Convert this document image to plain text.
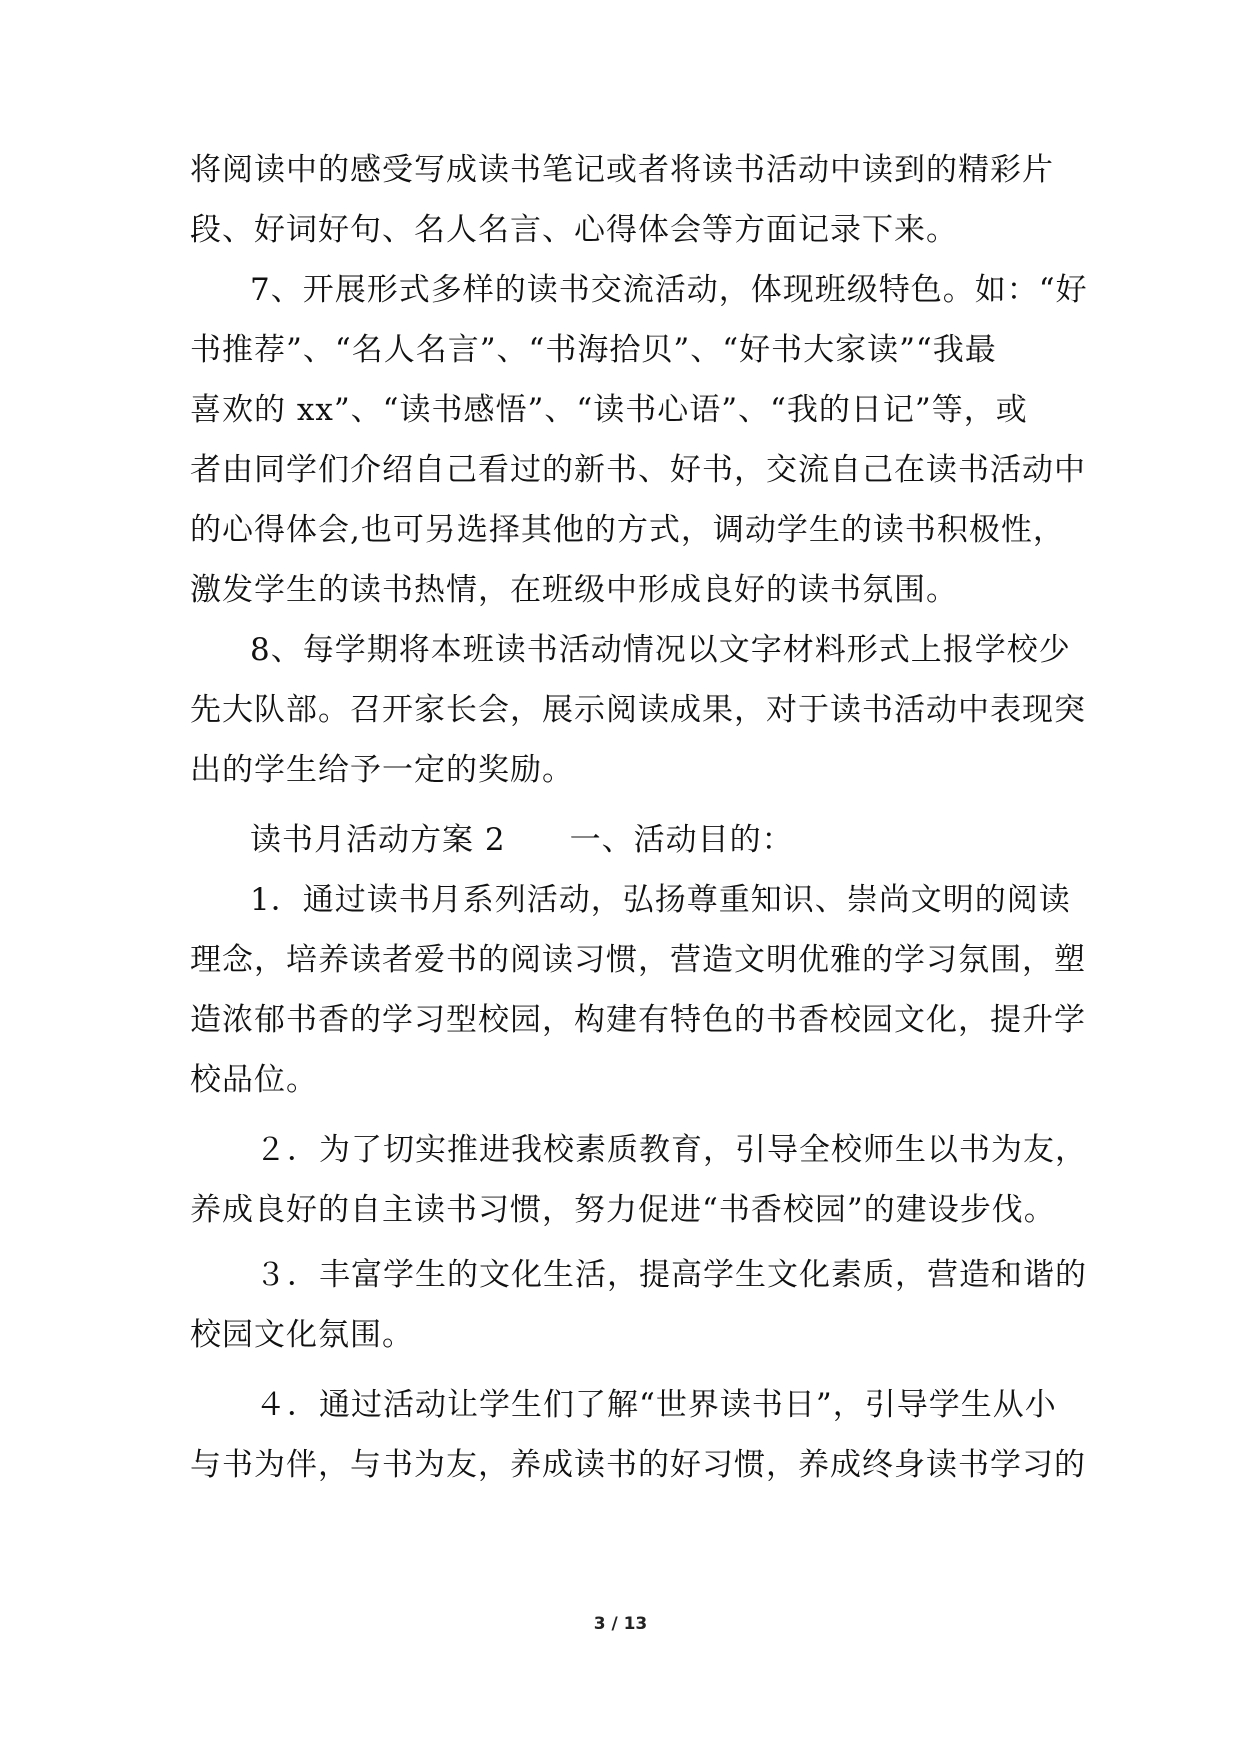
将阅读中的感受写成读书笔记或者将读书活动中读到的精彩片
段、好词好句、名人名言、心得体会等方面记录下来。
7、开展形式多样的读书交流活动，体现班级特色。如：“好
书推荐”、“名人名言”、“书海拾贝”、“好书大家读”“我最
喜欢的 xx”、“读书感悟”、“读书心语”、“我的日记”等，或
者由同学们介绍自己看过的新书、好书，交流自己在读书活动中
的心得体会,也可另选择其他的方式，调动学生的读书积极性，
激发学生的读书热情，在班级中形成良好的读书氛围。
8、每学期将本班读书活动情况以文字材料形式上报学校少
先大队部。召开家长会，展示阅读成果，对于读书活动中表现突
出的学生给予一定的奖励。
读书月活动方案 2　　一、活动目的：
1．通过读书月系列活动，弘扬尊重知识、崇尚文明的阅读
理念，培养读者爱书的阅读习惯，营造文明优雅的学习氛围，塑
造浓郁书香的学习型校园，构建有特色的书香校园文化，提升学
校品位。
２．为了切实推进我校素质教育，引导全校师生以书为友，
养成良好的自主读书习惯，努力促进“书香校园”的建设步伐。
３．丰富学生的文化生活，提高学生文化素质，营造和谐的
校园文化氛围。
４．通过活动让学生们了解“世界读书日”，引导学生从小
与书为伴，与书为友，养成读书的好习惯，养成终身读书学习的
3 / 13
